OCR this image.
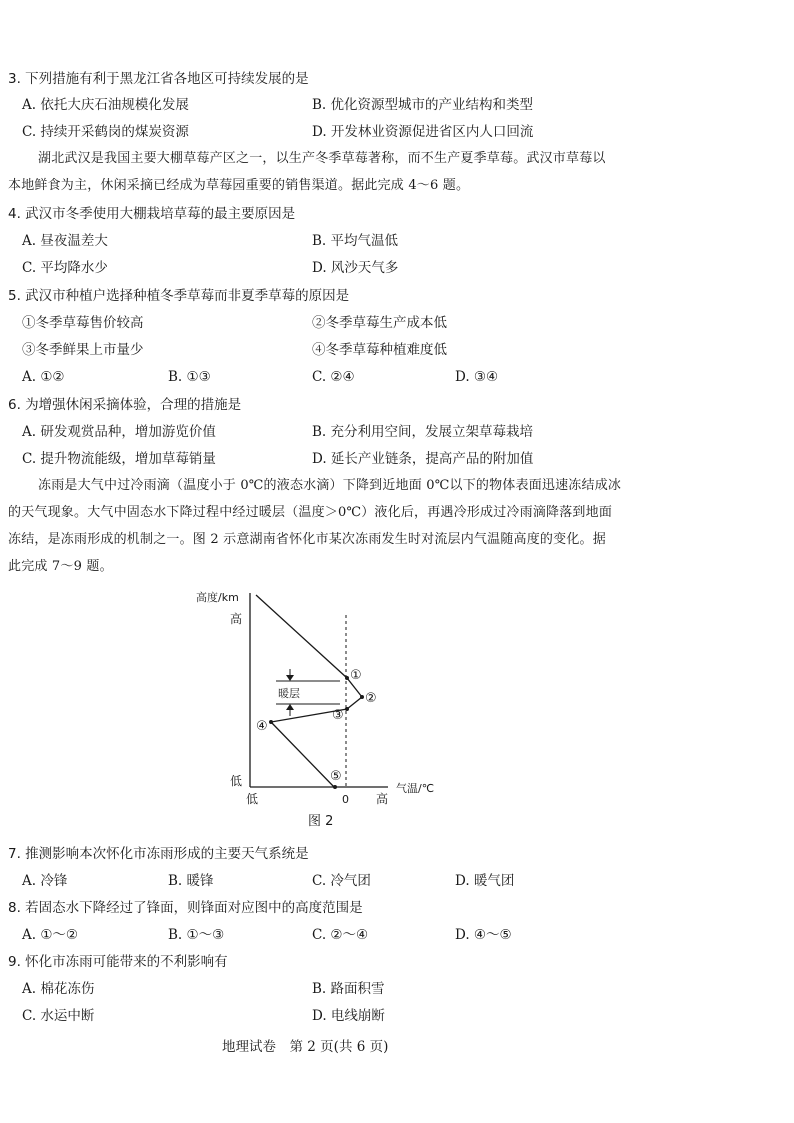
3. 下列措施有利于黑龙江省各地区可持续发展的是
A. 依托大庆石油规模化发展	B. 优化资源型城市的产业结构和类型
C. 持续开采鹤岗的煤炭资源	D. 开发林业资源促进省区内人口回流
湖北武汉是我国主要大棚草莓产区之一，以生产冬季草莓著称，而不生产夏季草莓。武汉市草莓以
本地鲜食为主，休闲采摘已经成为草莓园重要的销售渠道。据此完成 4～6 题。
4. 武汉市冬季使用大棚栽培草莓的最主要原因是
A. 昼夜温差大	B. 平均气温低
C. 平均降水少	D. 风沙天气多
5. 武汉市种植户选择种植冬季草莓而非夏季草莓的原因是
①冬季草莓售价较高	②冬季草莓生产成本低
③冬季鲜果上市量少	④冬季草莓种植难度低
A. ①②	B. ①③	C. ②④	D. ③④
6. 为增强休闲采摘体验，合理的措施是
A. 研发观赏品种，增加游览价值	B. 充分利用空间，发展立架草莓栽培
C. 提升物流能级，增加草莓销量	D. 延长产业链条，提高产品的附加值
冻雨是大气中过冷雨滴（温度小于 0℃的液态水滴）下降到近地面 0℃以下的物体表面迅速冻结成冰
的天气现象。大气中固态水下降过程中经过暖层（温度＞0℃）液化后，再遇冷形成过冷雨滴降落到地面
冻结，是冻雨形成的机制之一。图 2 示意湖南省怀化市某次冻雨发生时对流层内气温随高度的变化。据
此完成 7～9 题。
高度/km
高
低
低	0 高
气温/℃
暖层
①
②
③
④
⑤
图 2
7. 推测影响本次怀化市冻雨形成的主要天气系统是
A. 冷锋	B. 暖锋	C. 冷气团	D. 暖气团
8. 若固态水下降经过了锋面，则锋面对应图中的高度范围是
A. ①～②	B. ①～③	C. ②～④	D. ④～⑤
9. 怀化市冻雨可能带来的不利影响有
A. 棉花冻伤	B. 路面积雪
C. 水运中断	D. 电线崩断
地理试卷　第 2 页(共 6 页)
